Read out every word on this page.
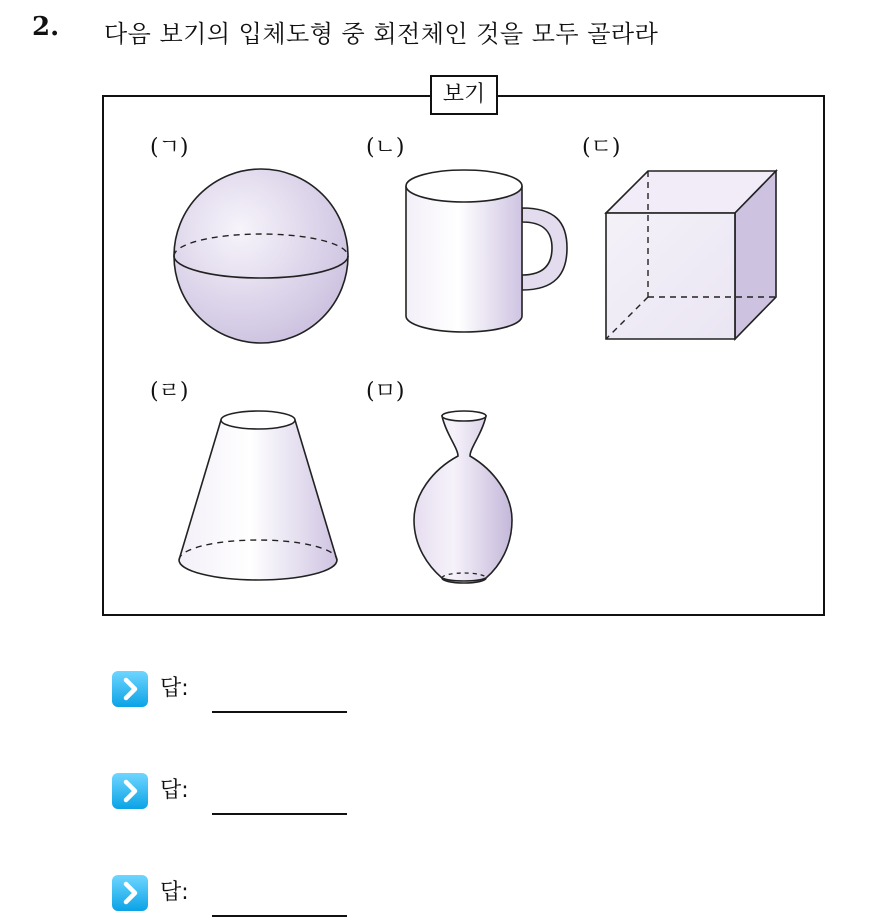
2. 다음 보기의 입체도형 중 회전체인 것을 모두 골라라
보기
(ㄱ)	(ㄴ)	(ㄷ)
(ㄹ)	(ㅁ)
답:
답:
답:
